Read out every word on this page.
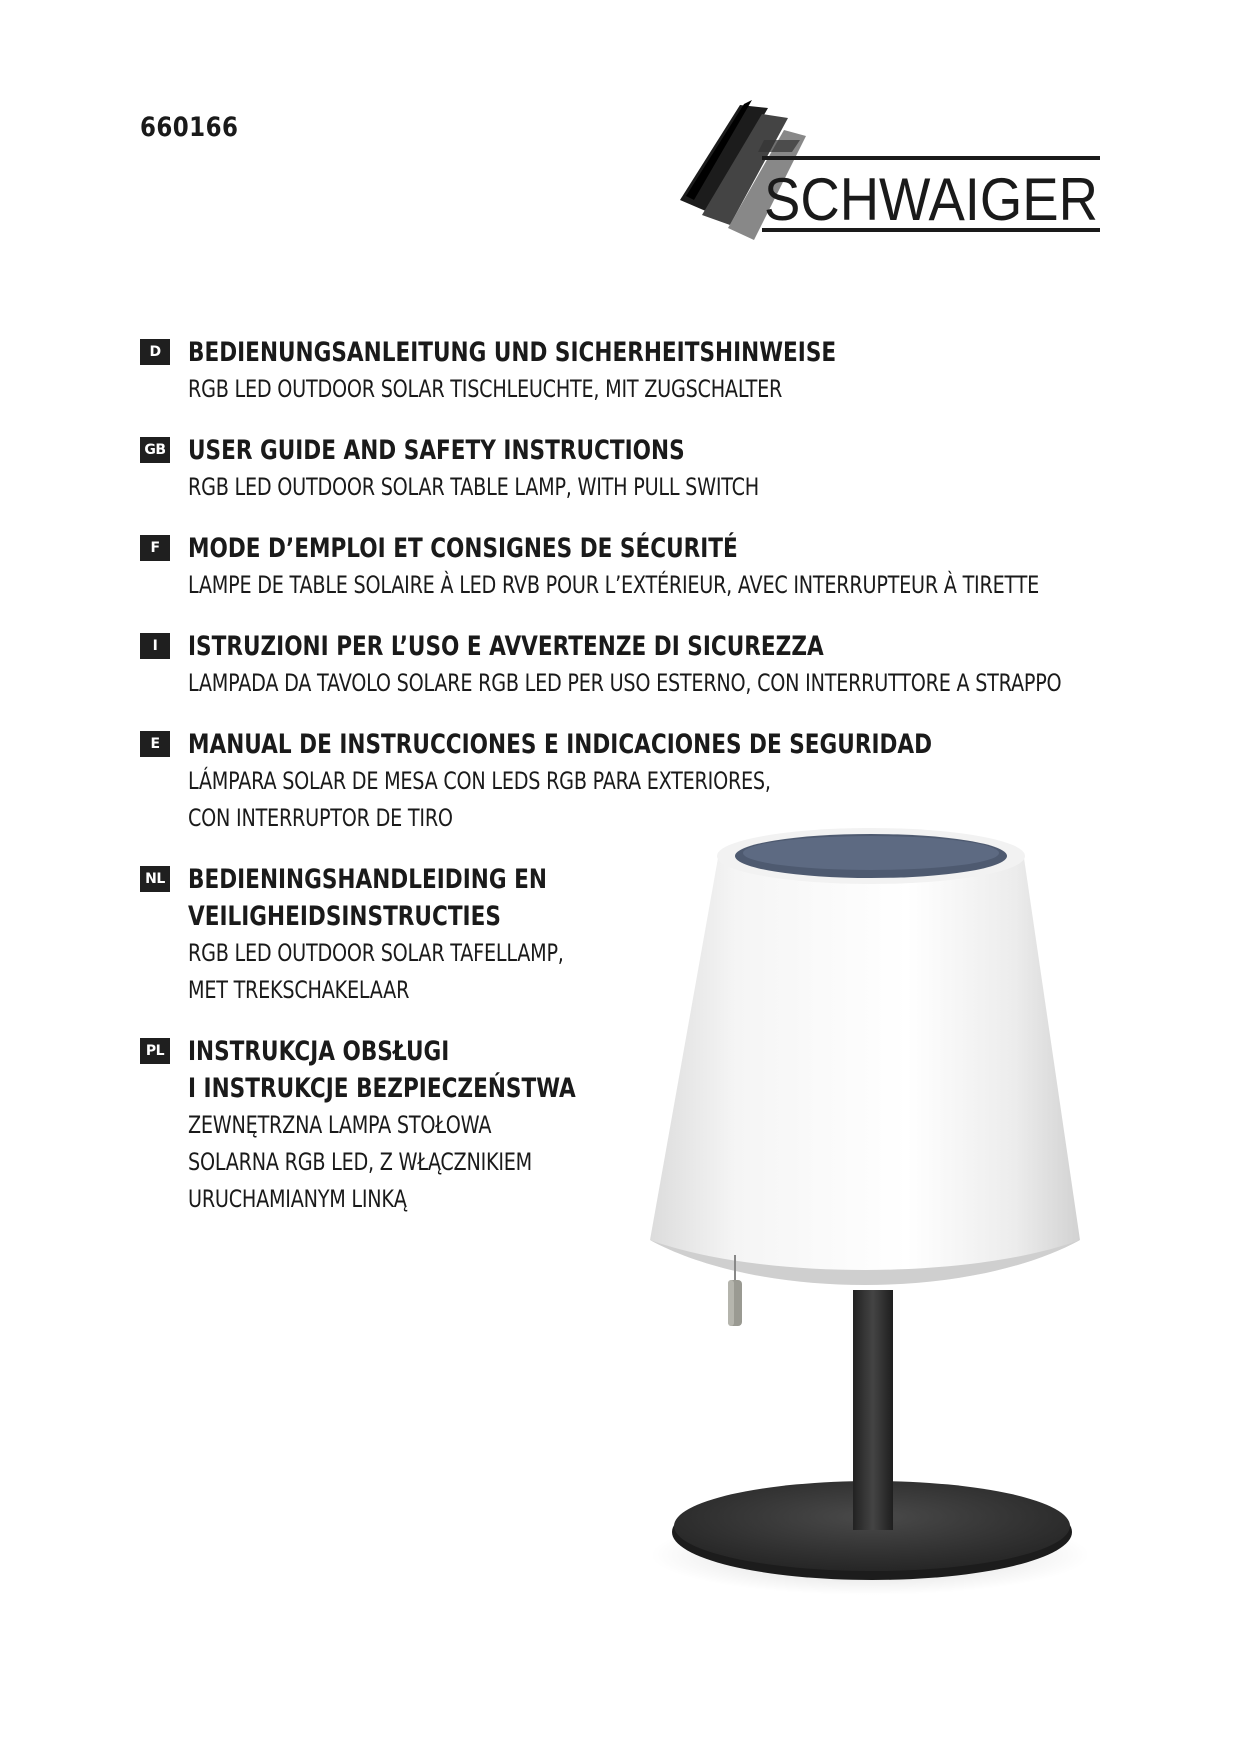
660166
SCHWAIGER
D	BEDIENUNGSANLEITUNG UND SICHERHEITSHINWEISE
RGB LED OUTDOOR SOLAR TISCHLEUCHTE, MIT ZUGSCHALTER
GB USER GUIDE AND SAFETY INSTRUCTIONS
RGB LED OUTDOOR SOLAR TABLE LAMP, WITH PULL SWITCH
F	MODE D’EMPLOI ET CONSIGNES DE SÉCURITÉ
LAMPE DE TABLE SOLAIRE À LED RVB POUR L’EXTÉRIEUR, AVEC INTERRUPTEUR À TIRETTE
I	ISTRUZIONI PER L’USO E AVVERTENZE DI SICUREZZA
LAMPADA DA TAVOLO SOLARE RGB LED PER USO ESTERNO, CON INTERRUTTORE A STRAPPO
E	MANUAL DE INSTRUCCIONES E INDICACIONES DE SEGURIDAD
LÁMPARA SOLAR DE MESA CON LEDS RGB PARA EXTERIORES,
CON INTERRUPTOR DE TIRO
NL BEDIENINGSHANDLEIDING EN
VEILIGHEIDSINSTRUCTIES
RGB LED OUTDOOR SOLAR TAFELLAMP,
MET TREKSCHAKELAAR
PL INSTRUKCJA OBSŁUGI
I INSTRUKCJE BEZPIECZEŃSTWA
ZEWNĘTRZNA LAMPA STOŁOWA
SOLARNA RGB LED, Z WŁĄCZNIKIEM
URUCHAMIANYM LINKĄ
